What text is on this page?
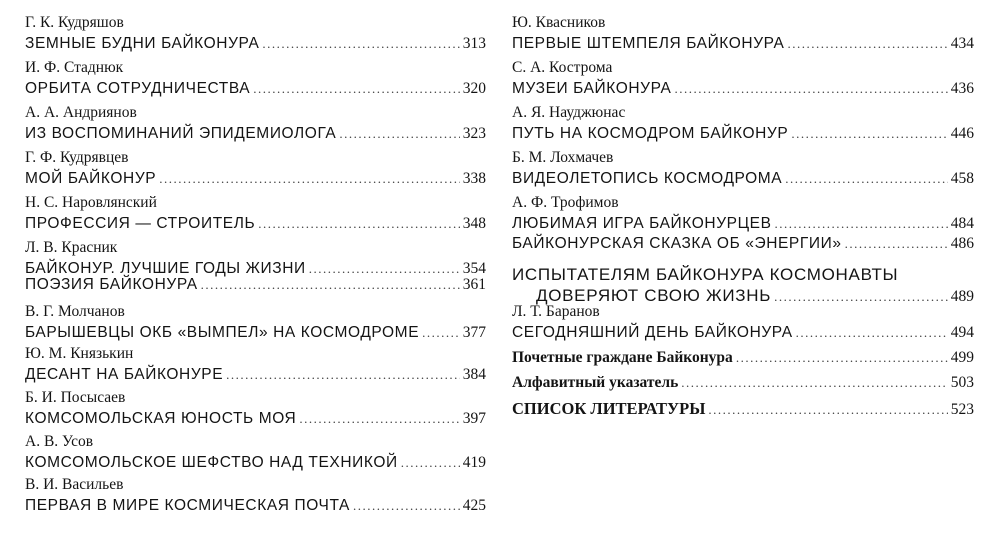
Г. К. Кудряшов
ЗЕМНЫЕ БУДНИ БАЙКОНУРА .....	313
И. Ф. Стаднюк
ОРБИТА СОТРУДНИЧЕСТВА .....	320
А. А. Андриянов
ИЗ ВОСПОМИНАНИЙ ЭПИДЕМИОЛОГА .....	323
Г. Ф. Кудрявцев
МОЙ БАЙКОНУР .....	338
Н. С. Наровлянский
ПРОФЕССИЯ — СТРОИТЕЛЬ .....	348
Л. В. Красник
БАЙКОНУР. ЛУЧШИЕ ГОДЫ ЖИЗНИ .....	354
ПОЭЗИЯ БАЙКОНУРА .....	361
В. Г. Молчанов
БАРЫШЕВЦЫ ОКБ «ВЫМПЕЛ» НА КОСМОДРОМЕ .....	377
Ю. М. Князькин
ДЕСАНТ НА БАЙКОНУРЕ .....	384
Б. И. Посысаев
КОМСОМОЛЬСКАЯ ЮНОСТЬ МОЯ .....	397
А. В. Усов
КОМСОМОЛЬСКОЕ ШЕФСТВО НАД ТЕХНИКОЙ .....	419
В. И. Васильев
ПЕРВАЯ В МИРЕ КОСМИЧЕСКАЯ ПОЧТА .....	425
Ю. Квасников
ПЕРВЫЕ ШТЕМПЕЛЯ БАЙКОНУРА .....	434
С. А. Кострома
МУЗЕИ БАЙКОНУРА .....	436
А. Я. Науджюнас
ПУТЬ НА КОСМОДРОМ БАЙКОНУР .....	446
Б. М. Лохмачев
ВИДЕОЛЕТОПИСЬ КОСМОДРОМА .....	458
А. Ф. Трофимов
ЛЮБИМАЯ ИГРА БАЙКОНУРЦЕВ .....	484
БАЙКОНУРСКАЯ СКАЗКА ОБ «ЭНЕРГИИ» .....	486
ИСПЫТАТЕЛЯМ БАЙКОНУРА КОСМОНАВТЫ
ДОВЕРЯЮТ СВОЮ ЖИЗНЬ .....	489
Л. Т. Баранов
СЕГОДНЯШНИЙ ДЕНЬ БАЙКОНУРА .....	494
Почетные граждане Байконура .....	499
Алфавитный указатель .....	503
СПИСОК ЛИТЕРАТУРЫ .....	523
